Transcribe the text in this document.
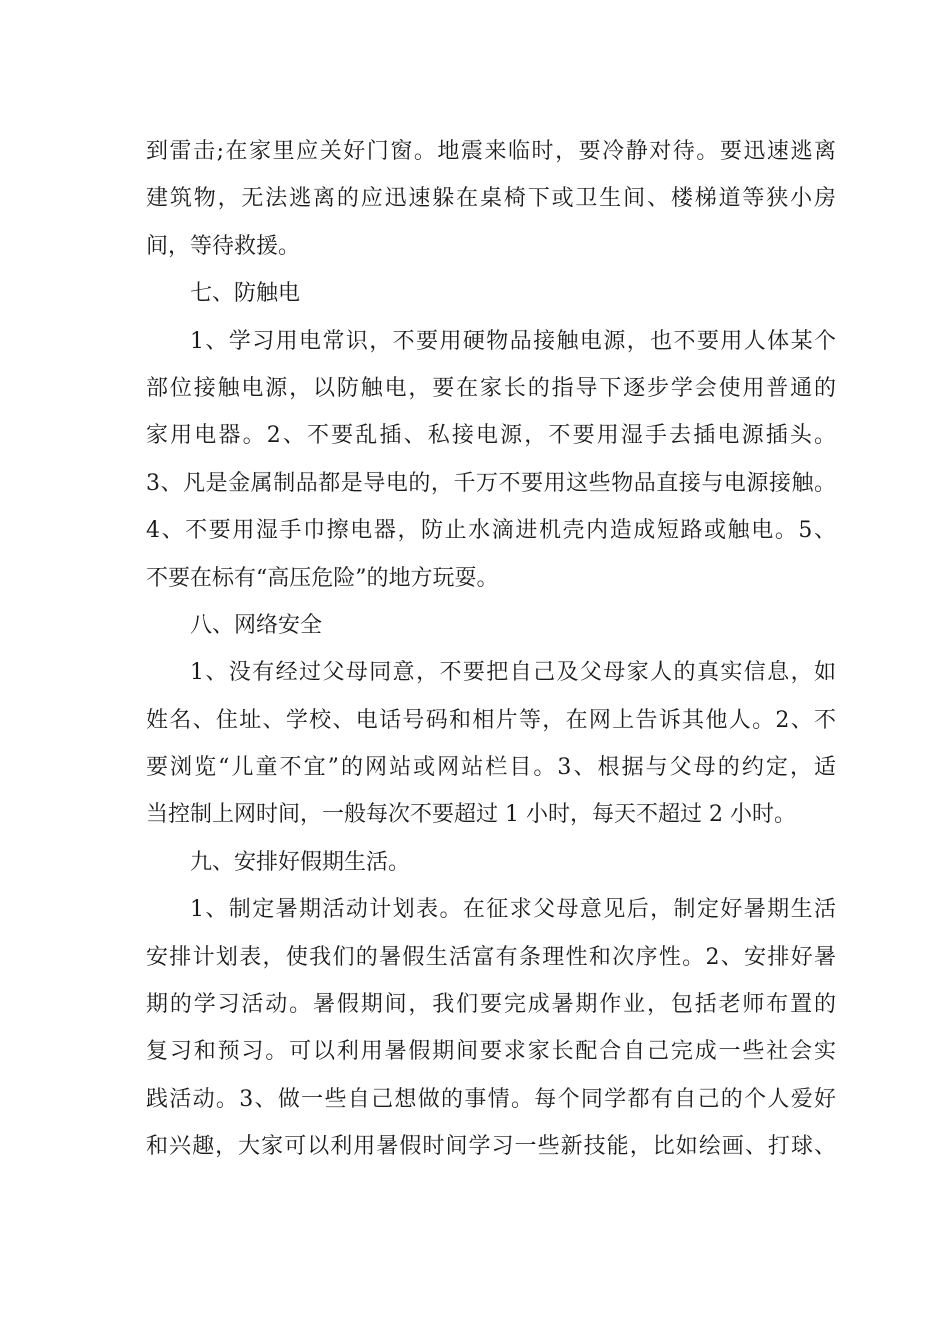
到雷击;在家里应关好门窗。地震来临时，要冷静对待。要迅速逃离
建筑物，无法逃离的应迅速躲在桌椅下或卫生间、楼梯道等狭小房
间，等待救援。
七、防触电
1、学习用电常识，不要用硬物品接触电源，也不要用人体某个
部位接触电源，以防触电，要在家长的指导下逐步学会使用普通的
家用电器。2、不要乱插、私接电源，不要用湿手去插电源插头。
3、凡是金属制品都是导电的，千万不要用这些物品直接与电源接触。
4、不要用湿手巾擦电器，防止水滴进机壳内造成短路或触电。5、
不要在标有“高压危险”的地方玩耍。
八、网络安全
1、没有经过父母同意，不要把自己及父母家人的真实信息，如
姓名、住址、学校、电话号码和相片等，在网上告诉其他人。2、不
要浏览“儿童不宜”的网站或网站栏目。3、根据与父母的约定，适
当控制上网时间，一般每次不要超过 1 小时，每天不超过 2 小时。
九、安排好假期生活。
1、制定暑期活动计划表。在征求父母意见后，制定好暑期生活
安排计划表，使我们的暑假生活富有条理性和次序性。2、安排好暑
期的学习活动。暑假期间，我们要完成暑期作业，包括老师布置的
复习和预习。可以利用暑假期间要求家长配合自己完成一些社会实
践活动。3、做一些自己想做的事情。每个同学都有自己的个人爱好
和兴趣，大家可以利用暑假时间学习一些新技能，比如绘画、打球、
